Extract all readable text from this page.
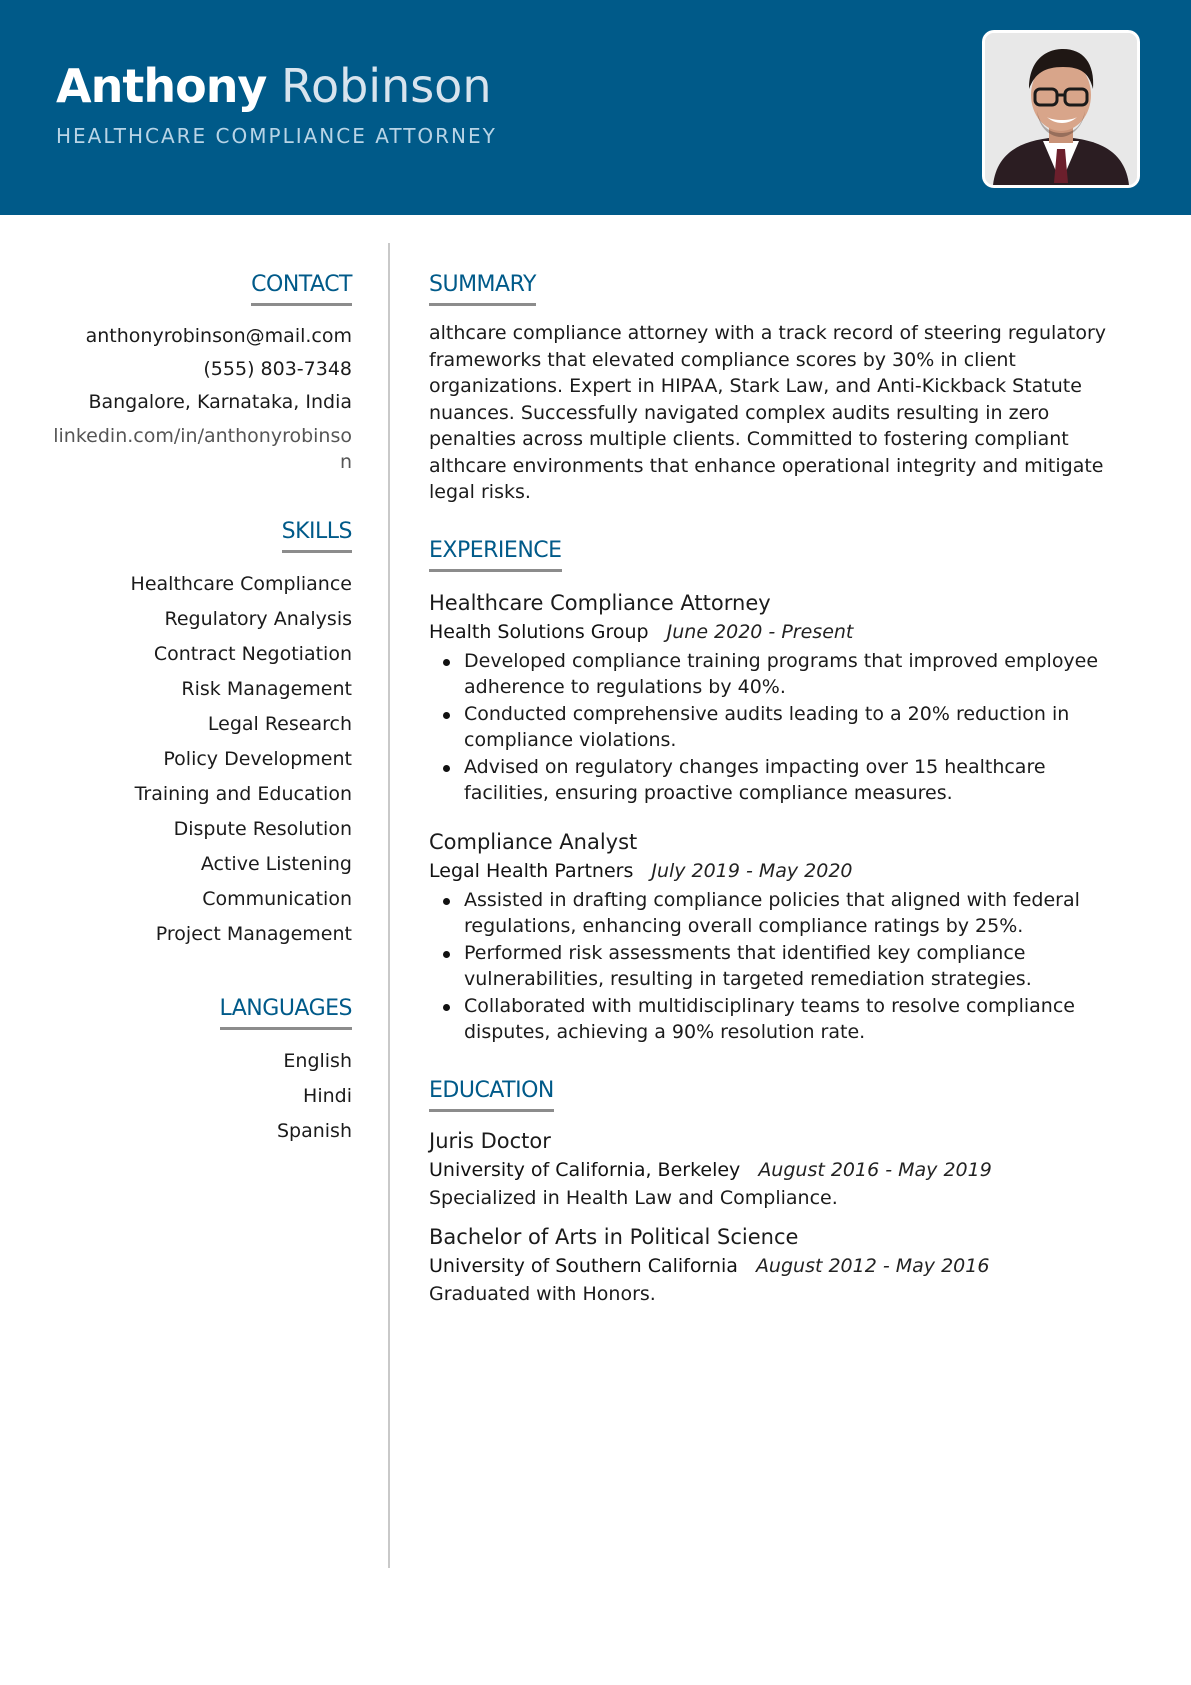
Anthony Robinson
HEALTHCARE COMPLIANCE ATTORNEY
CONTACT
anthonyrobinson@mail.com
(555) 803-7348
Bangalore, Karnataka, India
linkedin.com/in/anthonyrobinson
SKILLS
Healthcare Compliance
Regulatory Analysis
Contract Negotiation
Risk Management
Legal Research
Policy Development
Training and Education
Dispute Resolution
Active Listening
Communication
Project Management
LANGUAGES
English
Hindi
Spanish
SUMMARY

althcare compliance attorney with a track record of steering regulatory frameworks that elevated compliance scores by 30% in client organizations. Expert in HIPAA, Stark Law, and Anti-Kickback Statute nuances. Successfully navigated complex audits resulting in zero penalties across multiple clients. Committed to fostering compliant althcare environments that enhance operational integrity and mitigate legal risks.

EXPERIENCE
Healthcare Compliance Attorney
Health Solutions Group June 2020 - Present
Developed compliance training programs that improved employee adherence to regulations by 40%.
Conducted comprehensive audits leading to a 20% reduction in compliance violations.
Advised on regulatory changes impacting over 15 healthcare facilities, ensuring proactive compliance measures.
Compliance Analyst
Legal Health Partners July 2019 - May 2020
Assisted in drafting compliance policies that aligned with federal regulations, enhancing overall compliance ratings by 25%.
Performed risk assessments that identified key compliance vulnerabilities, resulting in targeted remediation strategies.
Collaborated with multidisciplinary teams to resolve compliance disputes, achieving a 90% resolution rate.
EDUCATION
Juris Doctor
University of California, Berkeley August 2016 - May 2019
Specialized in Health Law and Compliance.
Bachelor of Arts in Political Science
University of Southern California August 2012 - May 2016
Graduated with Honors.
